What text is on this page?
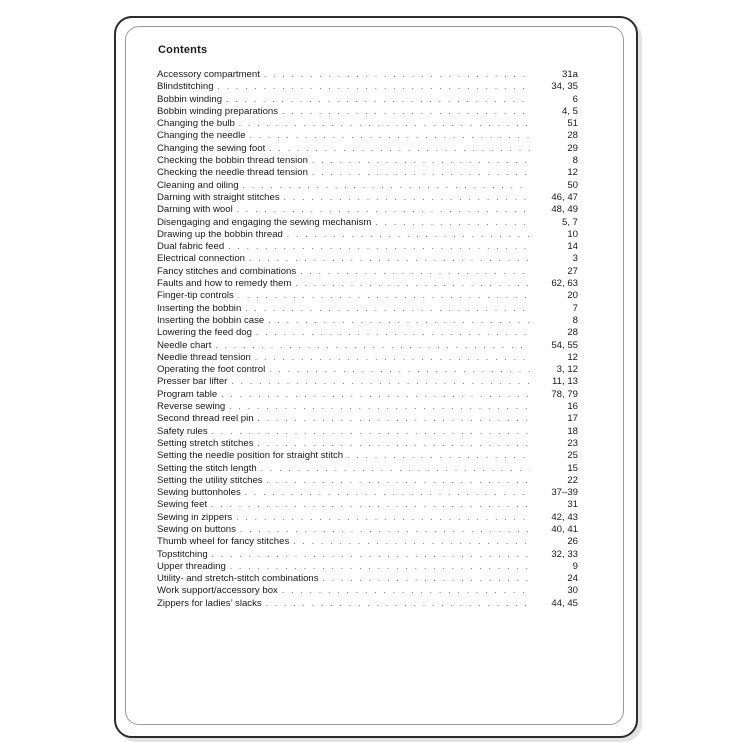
Contents
Accessory compartment . . .	31a
Blindstitching . . .	34, 35
Bobbin winding . . .	6
Bobbin winding preparations . . .	4, 5
Changing the bulb . . .	51
Changing the needle . . .	28
Changing the sewing foot . . .	29
Checking the bobbin thread tension . . .	8
Checking the needle thread tension . . .	12
Cleaning and oiling . . .	50
Darning with straight stitches . . .	46, 47
Darning with wool . . .	48, 49
Disengaging and engaging the sewing mechanism . . .	5, 7
Drawing up the bobbin thread . . .	10
Dual fabric feed . . .	14
Electrical connection . . .	3
Fancy stitches and combinations . . .	27
Faults and how to remedy them . . .	62, 63
Finger-tip controls . . .	20
Inserting the bobbin . . .	7
Inserting the bobbin case . . .	8
Lowering the feed dog . . .	28
Needle chart . . .	54, 55
Needle thread tension . . .	12
Operating the foot control . . .	3, 12
Presser bar lifter . . .	11, 13
Program table . . .	78, 79
Reverse sewing . . .	16
Second thread reel pin . . .	17
Safety rules . . .	18
Setting stretch stitches . . .	23
Setting the needle position for straight stitch . . .	25
Setting the stitch length . . .	15
Setting the utility stitches . . .	22
Sewing buttonholes . . .	37–39
Sewing feet . . .	31
Sewing in zippers . . .	42, 43
Sewing on buttons . . .	40, 41
Thumb wheel for fancy stitches . . .	26
Topstitching . . .	32, 33
Upper threading . . .	9
Utility- and stretch-stitch combinations . . .	24
Work support/accessory box . . .	30
Zippers for ladies’ slacks . . .	44, 45
